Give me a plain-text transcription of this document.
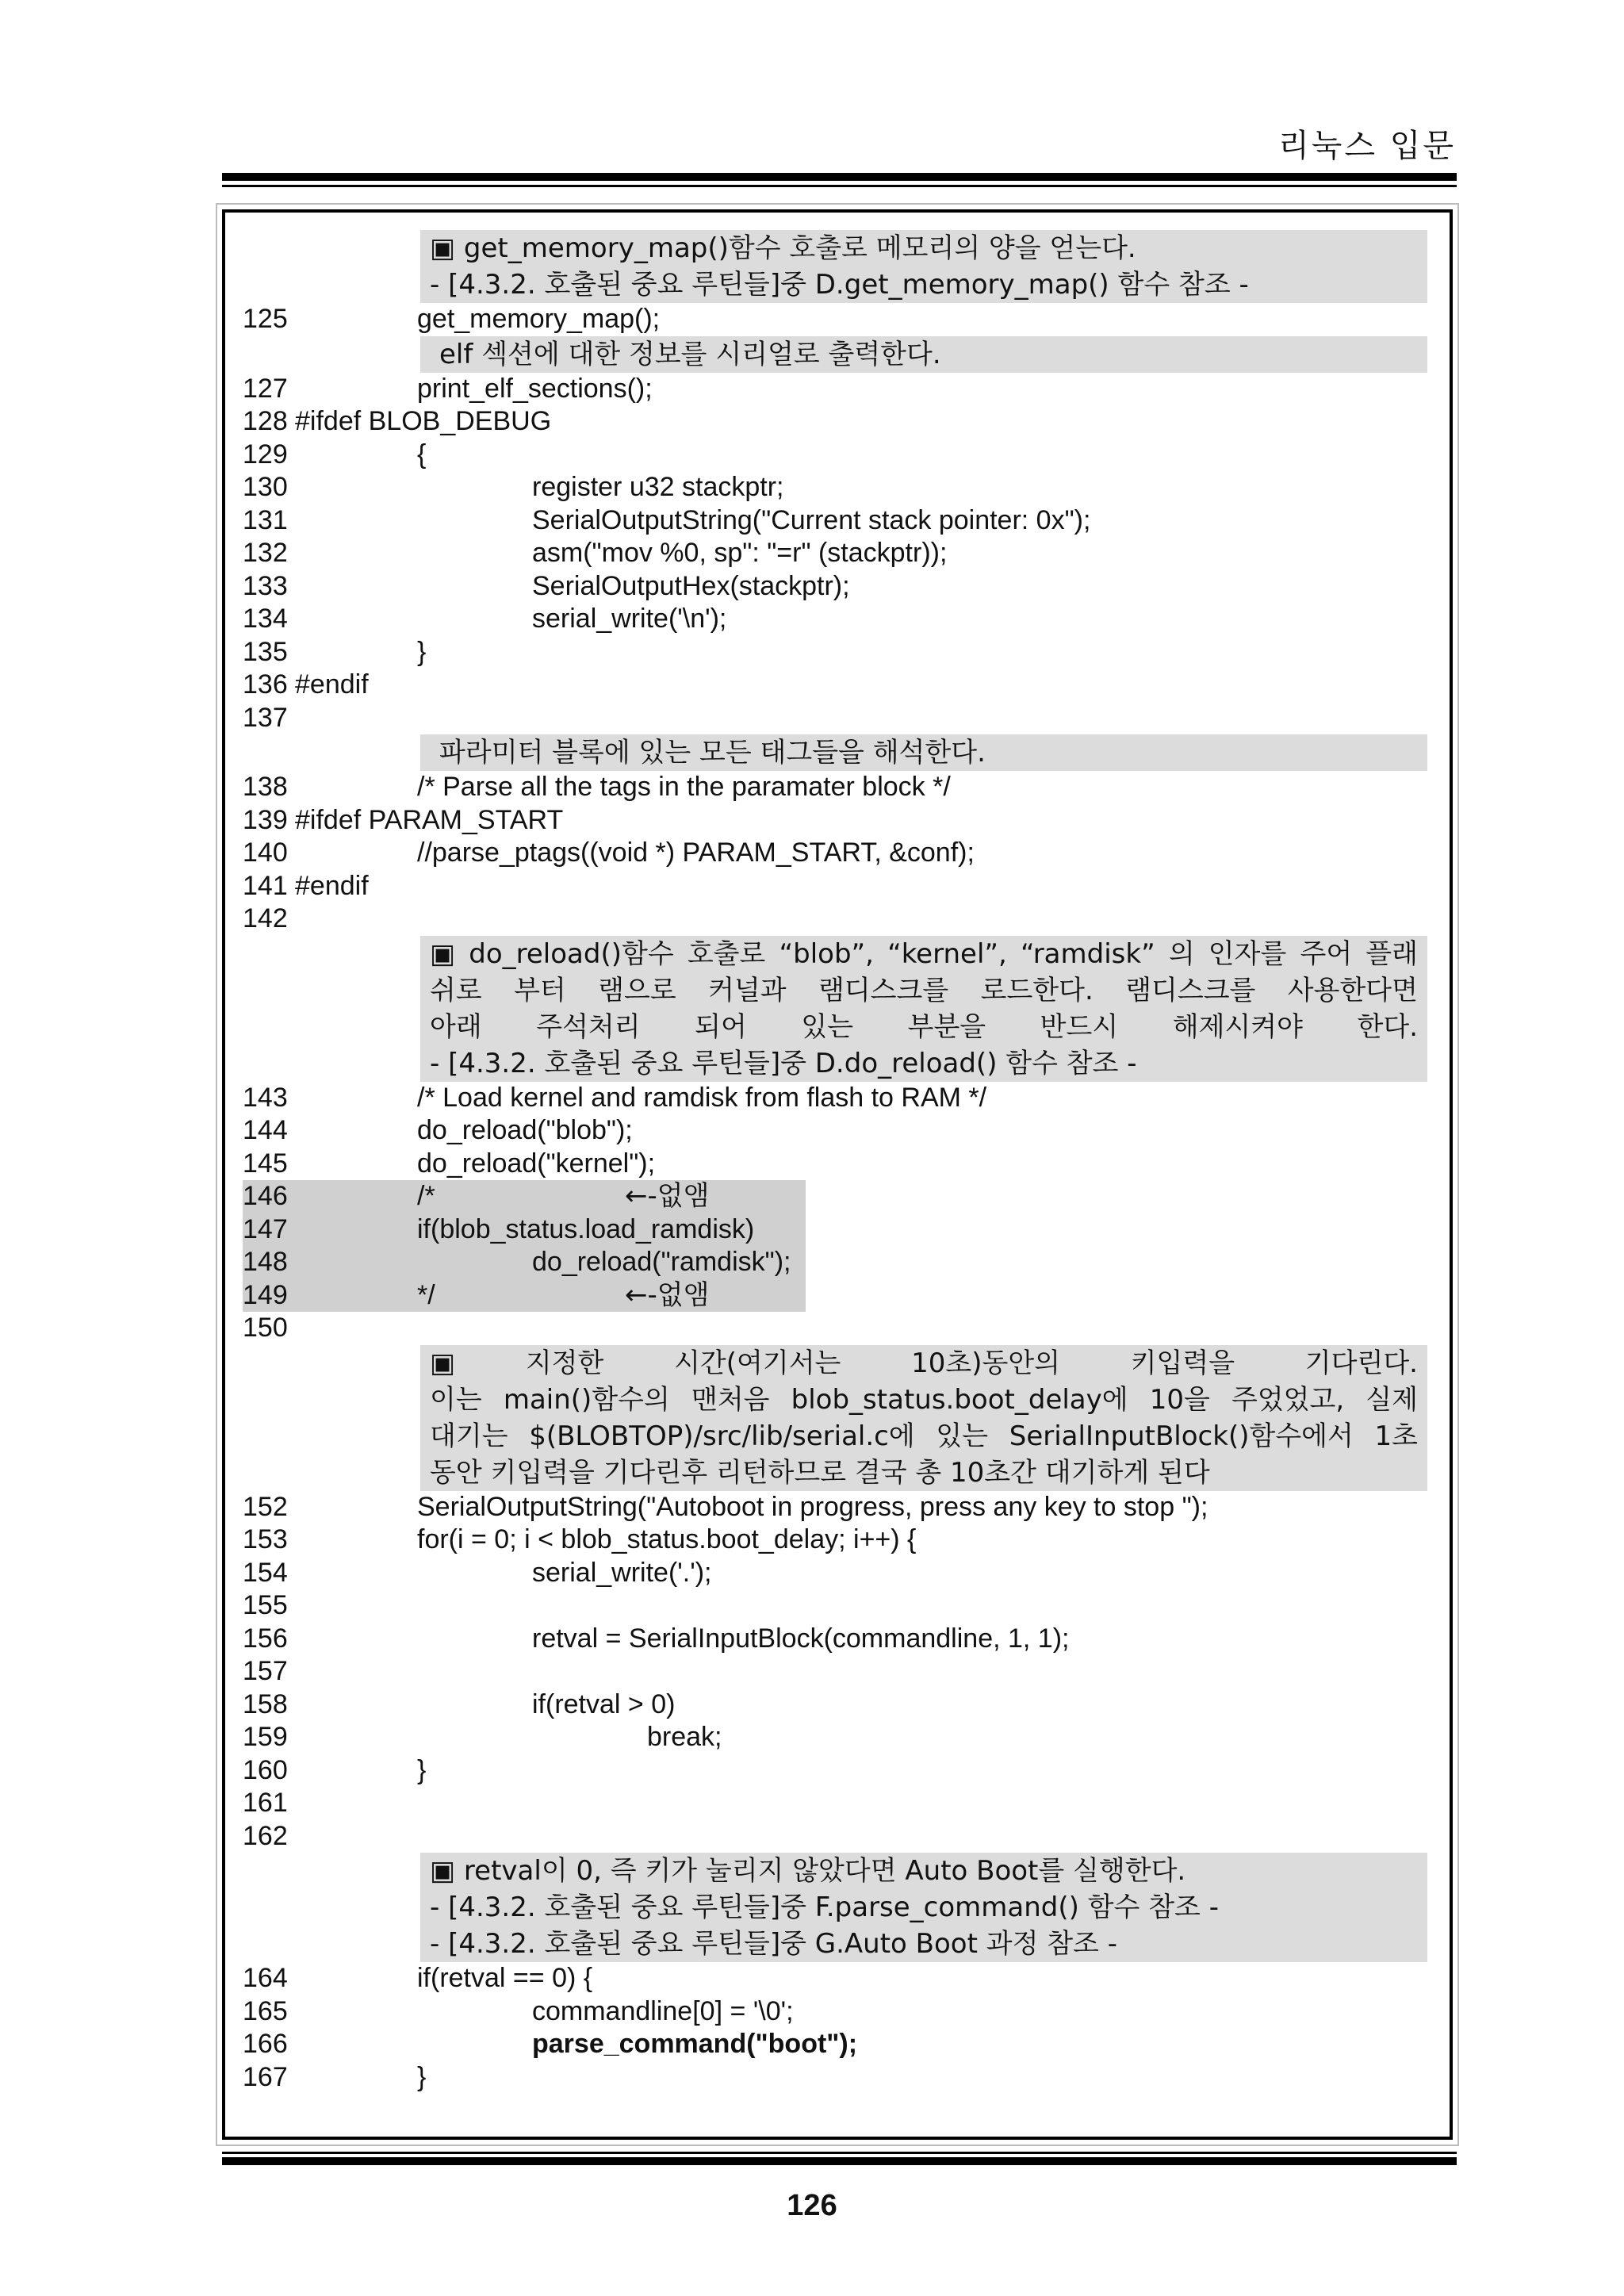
리눅스 입문
▣ get_memory_map()함수 호출로 메모리의 양을 얻는다.
- [4.3.2. 호출된 중요 루틴들]중 D.get_memory_map() 함수 참조 -
125	get_memory_map();
elf 섹션에 대한 정보를 시리얼로 출력한다.
127	print_elf_sections();
128 #ifdef BLOB_DEBUG
129	{
130	register u32 stackptr;
131	SerialOutputString("Current stack pointer: 0x");
132	asm("mov %0, sp": "=r" (stackptr));
133	SerialOutputHex(stackptr);
134	serial_write('\n');
135	}
136 #endif
137
파라미터 블록에 있는 모든 태그들을 해석한다.
138	/* Parse all the tags in the paramater block */
139 #ifdef PARAM_START
140	//parse_ptags((void *) PARAM_START, &conf);
141 #endif
142
▣ do_reload()함수 호출로 “blob”, “kernel”, “ramdisk” 의 인자를 주어 플래
쉬로 부터 램으로 커널과 램디스크를 로드한다. 램디스크를 사용한다면
아래 주석처리 되어 있는 부분을 반드시 해제시켜야 한다.
- [4.3.2. 호출된 중요 루틴들]중 D.do_reload() 함수 참조 -
143	/* Load kernel and ramdisk from flash to RAM */
144	do_reload("blob");
145	do_reload("kernel");
146	/*	←-없앰
147	if(blob_status.load_ramdisk)
148	do_reload("ramdisk");
149	*/	←-없앰
150
▣ 지정한 시간(여기서는 10초)동안의 키입력을 기다린다.
이는 main()함수의 맨처음 blob_status.boot_delay에 10을 주었었고, 실제
대기는 $(BLOBTOP)/src/lib/serial.c에 있는 SerialInputBlock()함수에서 1초
동안 키입력을 기다린후 리턴하므로 결국 총 10초간 대기하게 된다
152	SerialOutputString("Autoboot in progress, press any key to stop ");
153	for(i = 0; i < blob_status.boot_delay; i++) {
154	serial_write('.');
155
156	retval = SerialInputBlock(commandline, 1, 1);
157
158	if(retval > 0)
159	break;
160	}
161
162
▣ retval이 0, 즉 키가 눌리지 않았다면 Auto Boot를 실행한다.
- [4.3.2. 호출된 중요 루틴들]중 F.parse_command() 함수 참조 -
- [4.3.2. 호출된 중요 루틴들]중 G.Auto Boot 과정 참조 -
164	if(retval == 0) {
165	commandline[0] = '\0';
166	parse_command("boot");
167	}
126
